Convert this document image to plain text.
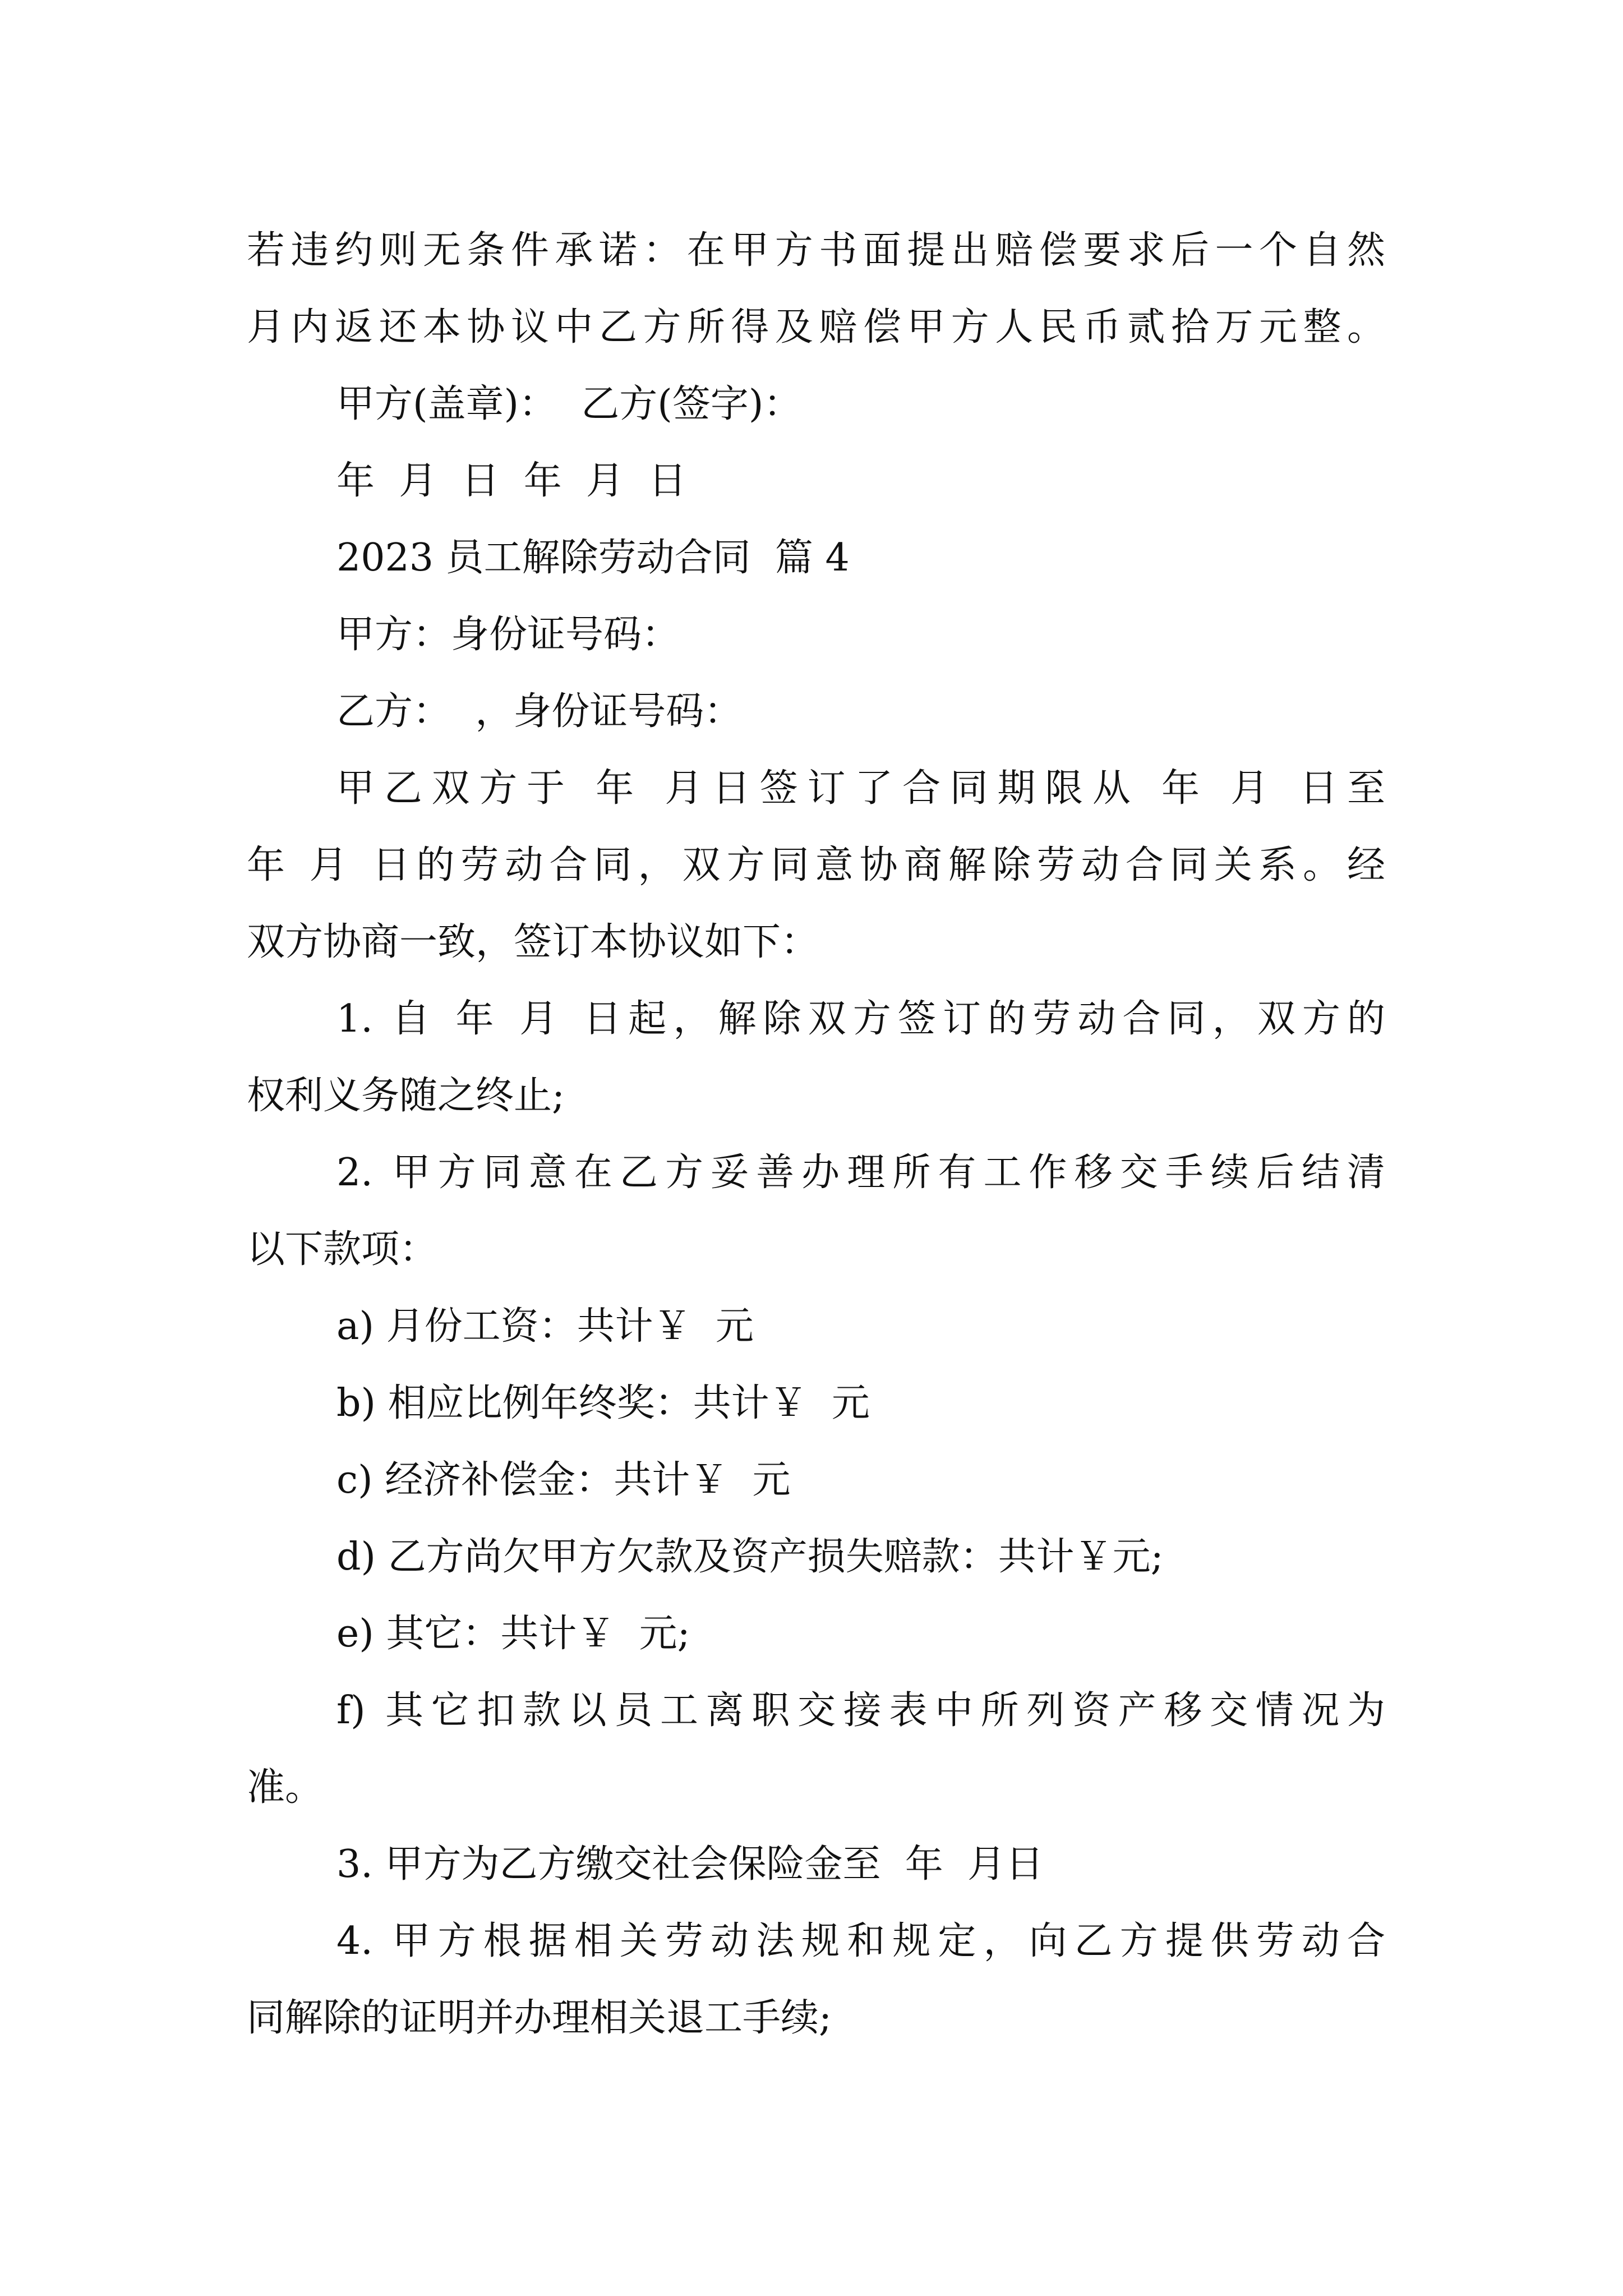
若违约则无条件承诺：在甲方书面提出赔偿要求后一个自然

月内返还本协议中乙方所得及赔偿甲方人民币贰拾万元整。

甲方(盖章)：  乙方(签字)：

年  月  日  年  月  日

2023 员工解除劳动合同  篇 4

甲方：身份证号码：

乙方：  ，身份证号码：

甲乙双方于 年 月日签订了合同期限从 年 月 日至

年 月 日的劳动合同，双方同意协商解除劳动合同关系。经

双方协商一致，签订本协议如下：

1. 自 年 月 日起，解除双方签订的劳动合同，双方的

权利义务随之终止;

2. 甲方同意在乙方妥善办理所有工作移交手续后结清

以下款项：

a) 月份工资：共计￥  元

b) 相应比例年终奖：共计￥  元

c) 经济补偿金：共计￥  元

d) 乙方尚欠甲方欠款及资产损失赔款：共计￥元;

e) 其它：共计￥  元;

f) 其它扣款以员工离职交接表中所列资产移交情况为

准。

3. 甲方为乙方缴交社会保险金至  年  月日

4. 甲方根据相关劳动法规和规定，向乙方提供劳动合

同解除的证明并办理相关退工手续;
